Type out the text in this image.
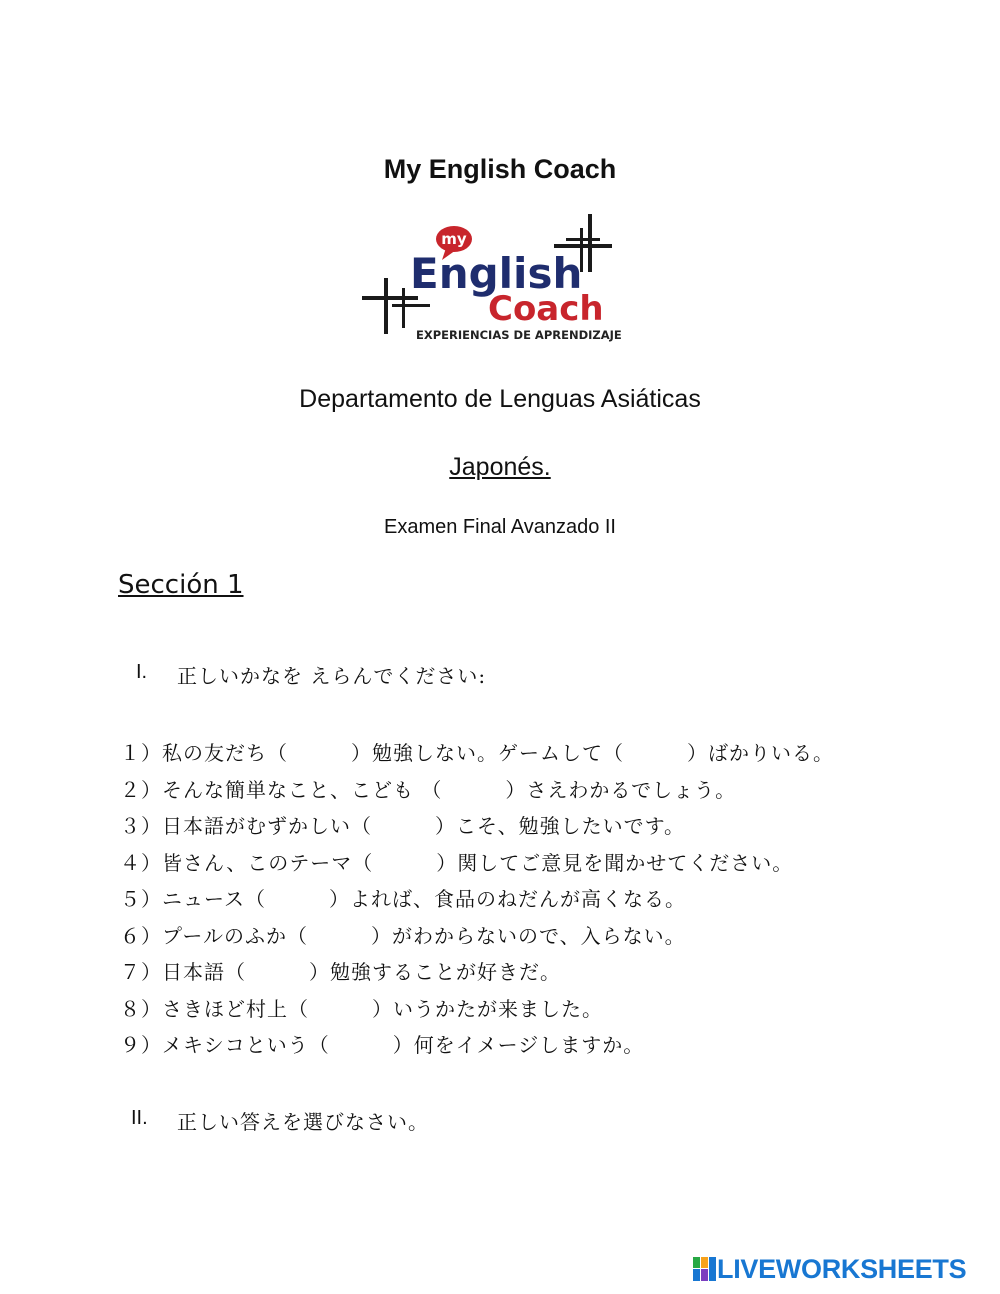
My English Coach
my
English
Coach
EXPERIENCIAS DE APRENDIZAJE
Departamento de Lenguas Asiáticas
Japonés.
Examen Final Avanzado II
Sección 1
I. 正しいかなを えらんでください:
１）私の友だち（　　　）勉強しない。ゲームして（　　　）ばかりいる。
２）そんな簡単なこと、こども （　　　）さえわかるでしょう。
３）日本語がむずかしい（　　　）こそ、勉強したいです。
４）皆さん、このテーマ（　　　）関してご意見を聞かせてください。
５）ニュース（　　　）よれば、食品のねだんが高くなる。
６）プールのふか（　　　）がわからないので、入らない。
７）日本語（　　　）勉強することが好きだ。
８）さきほど村上（　　　）いうかたが来ました。
９）メキシコという（　　　）何をイメージしますか。
II. 正しい答えを選びなさい。
LIVEWORKSHEETS
